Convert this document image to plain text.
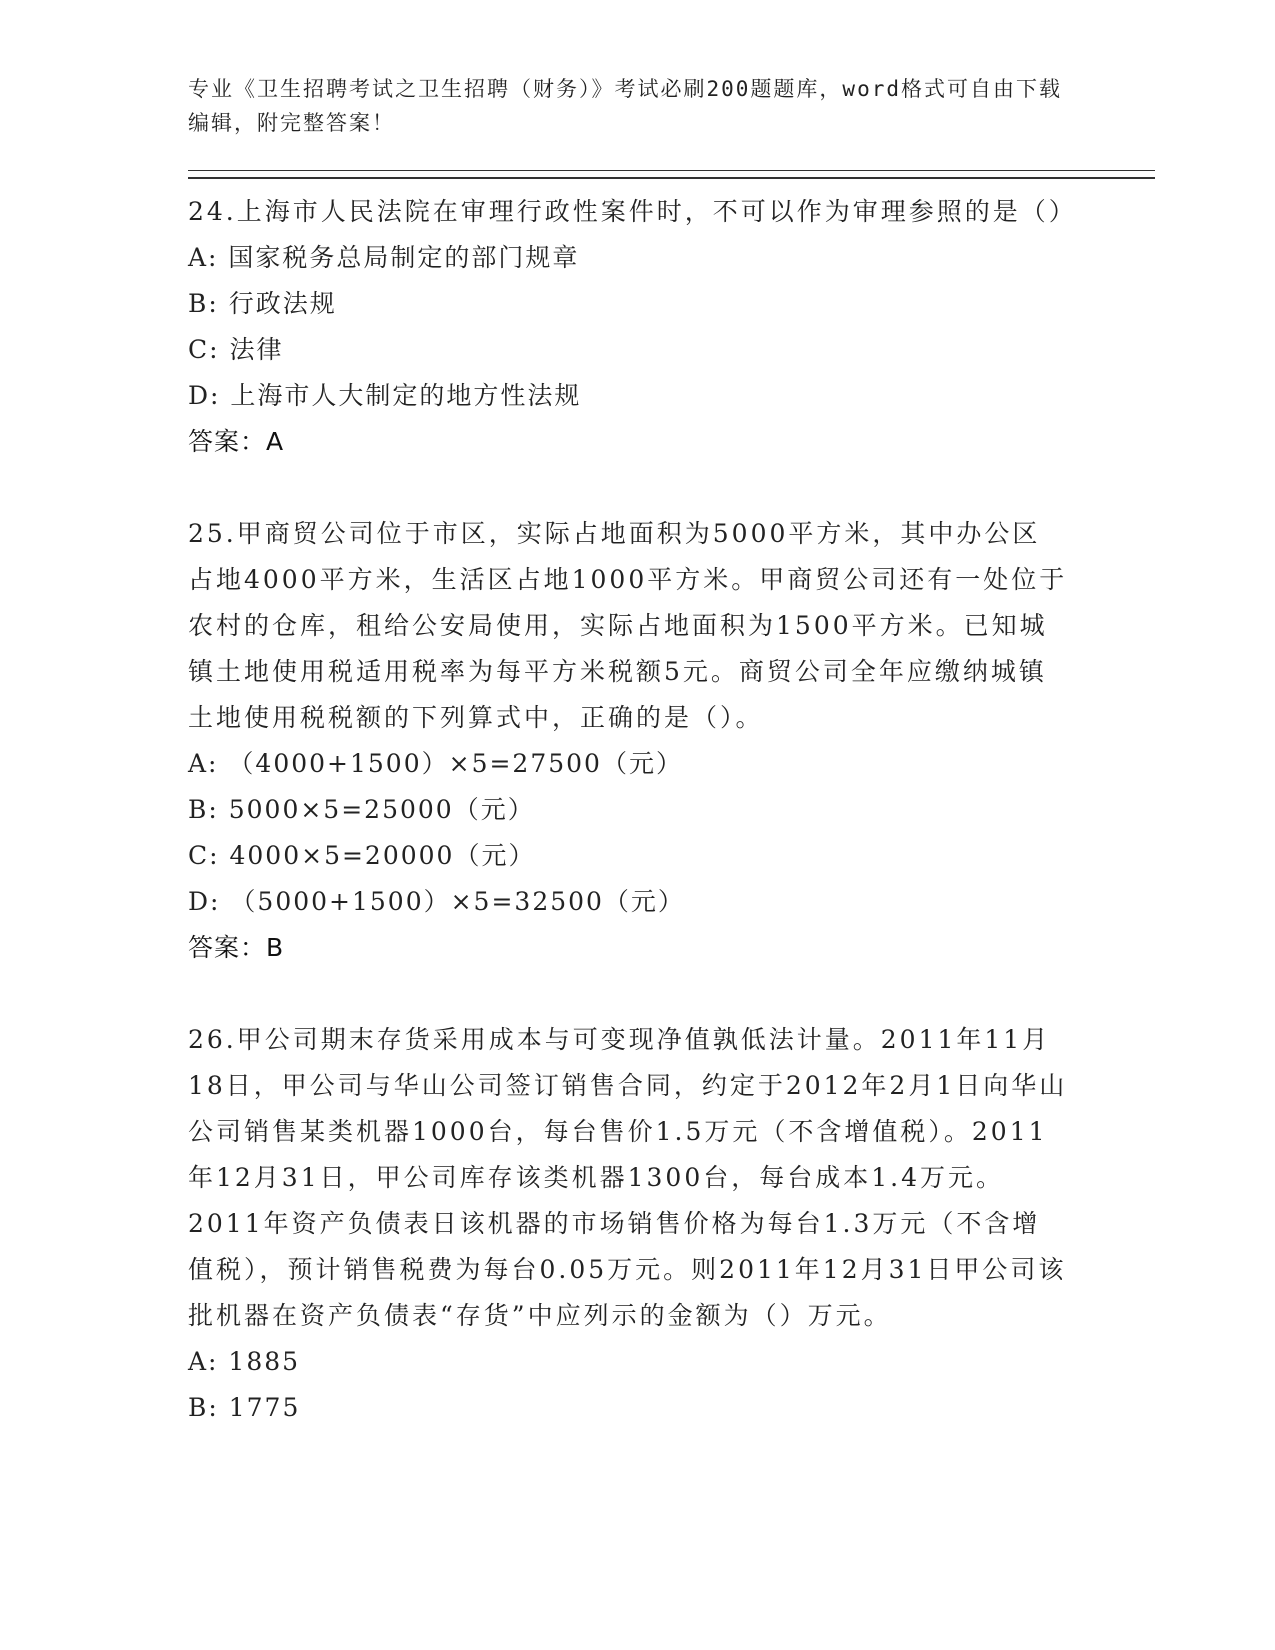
专业《卫生招聘考试之卫生招聘（财务）》考试必刷200题题库，word格式可自由下载编辑，附完整答案！

24.上海市人民法院在审理行政性案件时，不可以作为审理参照的是（）

A: 国家税务总局制定的部门规章

B: 行政法规

C: 法律

D: 上海市人大制定的地方性法规

答案：A

25.甲商贸公司位于市区，实际占地面积为5000平方米，其中办公区占地4000平方米，生活区占地1000平方米。甲商贸公司还有一处位于农村的仓库，租给公安局使用，实际占地面积为1500平方米。已知城镇土地使用税适用税率为每平方米税额5元。商贸公司全年应缴纳城镇土地使用税税额的下列算式中，正确的是（）。

A: （4000+1500）×5=27500（元）

B: 5000×5=25000（元）

C: 4000×5=20000（元）

D: （5000+1500）×5=32500（元）

答案：B

26.甲公司期末存货采用成本与可变现净值孰低法计量。2011年11月18日，甲公司与华山公司签订销售合同，约定于2012年2月1日向华山公司销售某类机器1000台，每台售价1.5万元（不含增值税）。2011年12月31日，甲公司库存该类机器1300台，每台成本1.4万元。2011年资产负债表日该机器的市场销售价格为每台1.3万元（不含增值税），预计销售税费为每台0.05万元。则2011年12月31日甲公司该批机器在资产负债表“存货”中应列示的金额为（）万元。

A: 1885

B: 1775
